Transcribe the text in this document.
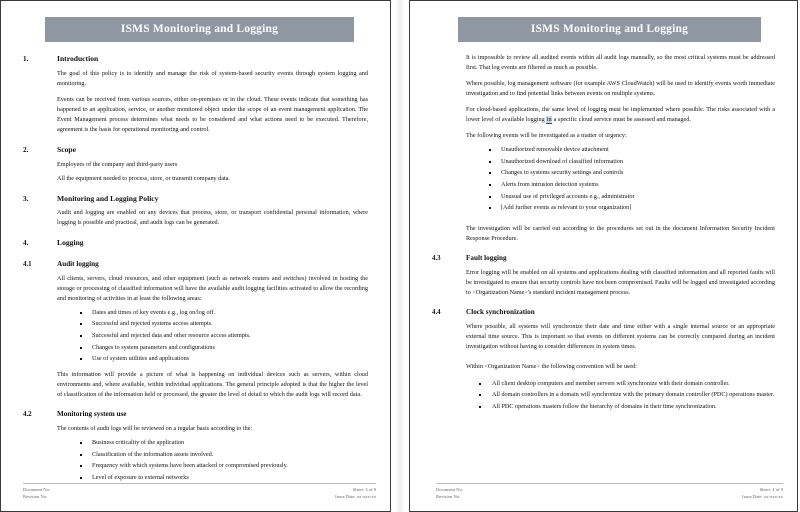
ISMS Monitoring and Logging
1.	Introduction

The goal of this policy is to identify and manage the risk of system-based security events through system logging and monitoring.

Events can be received from various sources, either on-premises or in the cloud. These events indicate that something has happened to an application, service, or another monitored object under the scope of an event management application. The Event Management process determines what needs to be considered and what actions need to be executed. Therefore, agreement is the basis for operational monitoring and control.

2.	Scope

Employees of the company and third-party users

All the equipment needed to process, store, or transmit company data.

3.	Monitoring and Logging Policy

Audit and logging are enabled on any devices that process, store, or transport confidential personal information, where logging is possible and practical, and audit logs can be generated.

4.	Logging
4.1	Audit logging

All clients, servers, cloud resources, and other equipment (such as network routers and switches) involved in hosting the storage or processing of classified information will have the available audit logging facilities activated to allow the recording and monitoring of activities in at least the following areas:

Dates and times of key events e.g., log on/log off.
Successful and rejected systems access attempts.
Successful and rejected data and other resource access attempts.
Changes to system parameters and configurations
Use of system utilities and applications

This information will provide a picture of what is happening on individual devices such as servers, within cloud environments and, where available, within individual applications. The general principle adopted is that the higher the level of classification of the information held or processed, the greater the level of detail to which the audit logs will record data.

4.2	Monitoring system use

The contents of audit logs will be reviewed on a regular basis according to the:

Business criticality of the application
Classification of the information assets involved.
Frequency with which systems have been attacked or compromised previously.
Level of exposure to external networks
Document No:
Revision No:
Sheet: 3 of 9
Issue Date: xx-xxx-xx
ISMS Monitoring and Logging

It is impossible to review all audited events within all audit logs manually, so the most critical systems must be addressed first. That log events are filtered as much as possible.

Where possible, log management software (for example AWS CloudWatch) will be used to identify events worth immediate investigation and to find potential links between events on multiple systems.

For cloud-based applications, the same level of logging must be implemented where possible. The risks associated with a lower level of available logging in a specific cloud service must be assessed and managed.

The following events will be investigated as a matter of urgency:

Unauthorized removable device attachment
Unauthorized download of classified information
Changes to systems security settings and controls
Alerts from intrusion detection systems
Unusual use of privileged accounts e.g., administrator
[Add further events as relevant to your organization]

The investigation will be carried out according to the procedures set out in the document Information Security Incident Response Procedure.

4.3	Fault logging

Error logging will be enabled on all systems and applications dealing with classified information and all reported faults will be investigated to ensure that security controls have not been compromised. Faults will be logged and investigated according to <Organization Name>'s standard incident management process.

4.4	Clock synchronization

Where possible, all systems will synchronize their date and time either with a single internal source or an appropriate external time source. This is important so that events on different systems can be correctly compared during an incident investigation without having to consider differences in system times.

Within <Organization Name> the following convention will be used:

All client desktop computers and member servers will synchronize with their domain controller.
All domain controllers in a domain will synchronize with the primary domain controller (PDC) operations master.
All PDC operations masters follow the hierarchy of domains in their time synchronization.
Document No:
Revision No:
Sheet: 4 of 9
Issue Date: xx-xxx-xx
